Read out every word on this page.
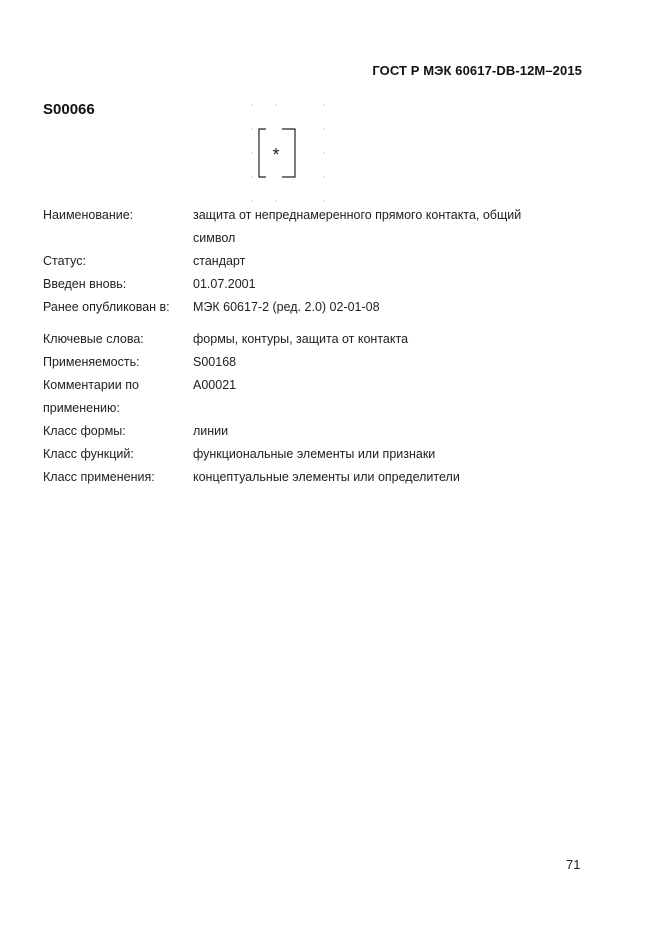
ГОСТ Р МЭК 60617-DB-12M–2015
S00066
*
Наименование:	защита от непреднамеренного прямого контакта, общий
символ
Статус:	стандарт
Введен вновь:	01.07.2001
Ранее опубликован в:	МЭК 60617-2 (ред. 2.0) 02-01-08
Ключевые слова:	формы, контуры, защита от контакта
Применяемость:	S00168
Комментарии по	A00021
применению:
Класс формы:	линии
Класс функций:	функциональные элементы или признаки
Класс применения:	концептуальные элементы или определители
71
